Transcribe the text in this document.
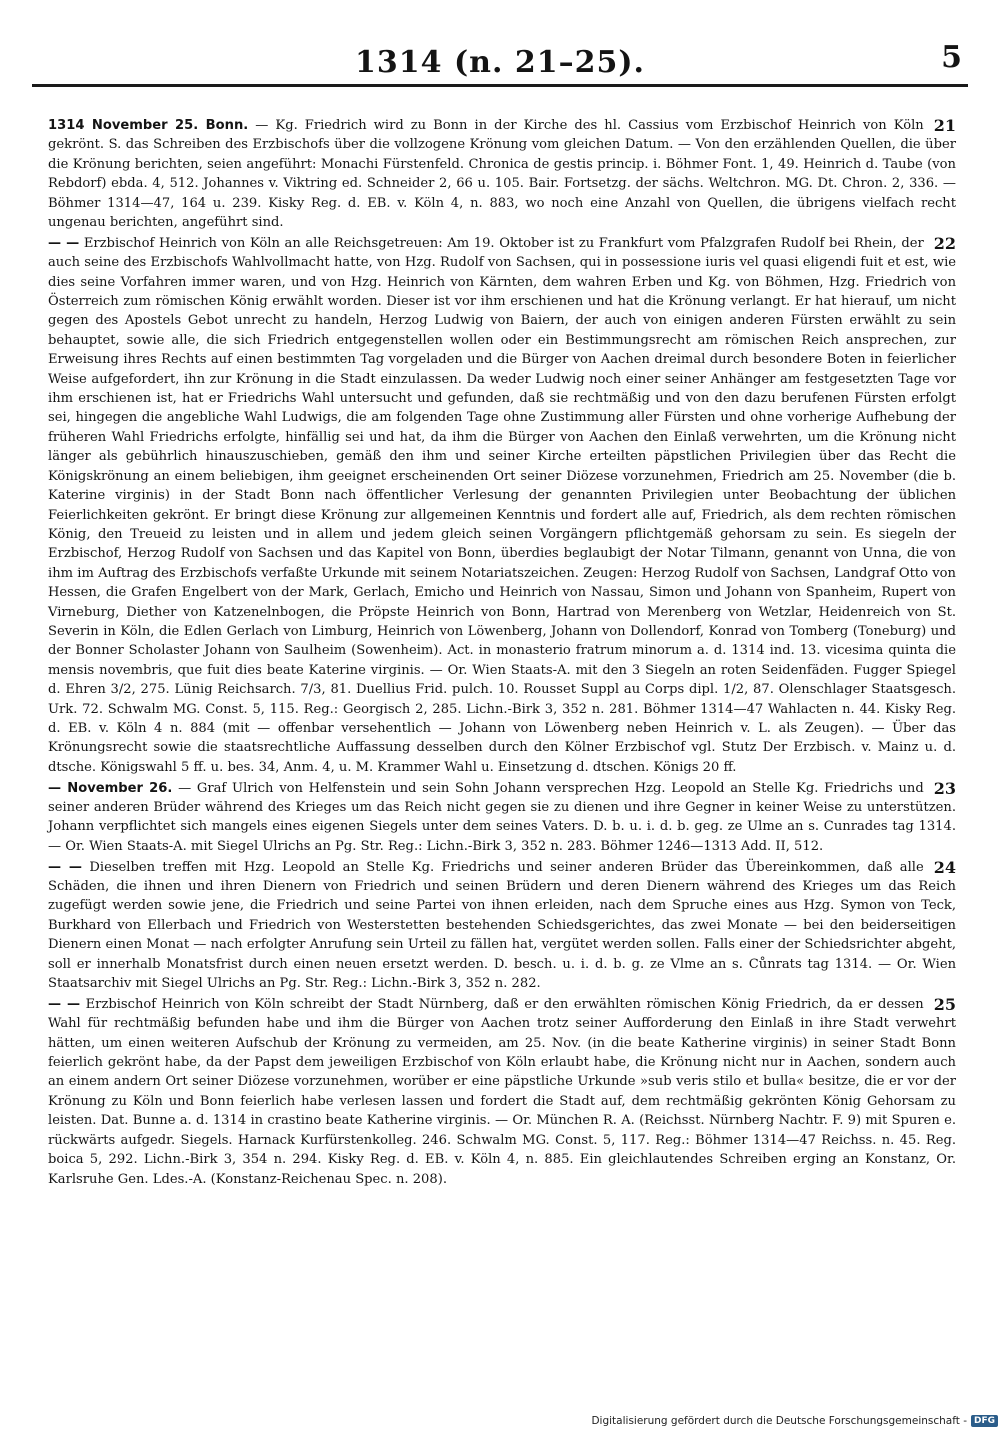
1314 (n. 21–25).	5
21

1314 November 25. Bonn. — Kg. Friedrich wird zu Bonn in der Kirche des hl. Cassius vom Erzbischof Heinrich von Köln gekrönt. S. das Schreiben des Erzbischofs über die vollzogene Krönung vom gleichen Datum. — Von den erzählenden Quellen, die über die Krönung berichten, seien angeführt: Monachi Fürstenfeld. Chronica de gestis princip. i. Böhmer Font. 1, 49. Heinrich d. Taube (von Rebdorf) ebda. 4, 512. Johannes v. Viktring ed. Schneider 2, 66 u. 105. Bair. Fortsetzg. der sächs. Weltchron. MG. Dt. Chron. 2, 336. — Böhmer 1314—47, 164 u. 239. Kisky Reg. d. EB. v. Köln 4, n. 883, wo noch eine Anzahl von Quellen, die übrigens vielfach recht ungenau berichten, angeführt sind.

22

— — Erzbischof Heinrich von Köln an alle Reichsgetreuen: Am 19. Oktober ist zu Frankfurt vom Pfalzgrafen Rudolf bei Rhein, der auch seine des Erzbischofs Wahlvollmacht hatte, von Hzg. Rudolf von Sachsen, qui in possessione iuris vel quasi eligendi fuit et est, wie dies seine Vorfahren immer waren, und von Hzg. Heinrich von Kärnten, dem wahren Erben und Kg. von Böhmen, Hzg. Friedrich von Österreich zum römischen König erwählt worden. Dieser ist vor ihm erschienen und hat die Krönung verlangt. Er hat hierauf, um nicht gegen des Apostels Gebot unrecht zu handeln, Herzog Ludwig von Baiern, der auch von einigen anderen Fürsten erwählt zu sein behauptet, sowie alle, die sich Friedrich entgegenstellen wollen oder ein Bestimmungsrecht am römischen Reich ansprechen, zur Erweisung ihres Rechts auf einen bestimmten Tag vorgeladen und die Bürger von Aachen dreimal durch besondere Boten in feierlicher Weise aufgefordert, ihn zur Krönung in die Stadt einzulassen. Da weder Ludwig noch einer seiner Anhänger am festgesetzten Tage vor ihm erschienen ist, hat er Friedrichs Wahl untersucht und gefunden, daß sie rechtmäßig und von den dazu berufenen Fürsten erfolgt sei, hingegen die angebliche Wahl Ludwigs, die am folgenden Tage ohne Zustimmung aller Fürsten und ohne vorherige Aufhebung der früheren Wahl Friedrichs erfolgte, hinfällig sei und hat, da ihm die Bürger von Aachen den Einlaß verwehrten, um die Krönung nicht länger als gebührlich hinauszuschieben, gemäß den ihm und seiner Kirche erteilten päpstlichen Privilegien über das Recht die Königskrönung an einem beliebigen, ihm geeignet erscheinenden Ort seiner Diözese vorzunehmen, Friedrich am 25. November (die b. Katerine virginis) in der Stadt Bonn nach öffentlicher Verlesung der genannten Privilegien unter Beobachtung der üblichen Feierlichkeiten gekrönt. Er bringt diese Krönung zur allgemeinen Kenntnis und fordert alle auf, Friedrich, als dem rechten römischen König, den Treueid zu leisten und in allem und jedem gleich seinen Vorgängern pflichtgemäß gehorsam zu sein. Es siegeln der Erzbischof, Herzog Rudolf von Sachsen und das Kapitel von Bonn, überdies beglaubigt der Notar Tilmann, genannt von Unna, die von ihm im Auftrag des Erzbischofs verfaßte Urkunde mit seinem Notariatszeichen. Zeugen: Herzog Rudolf von Sachsen, Landgraf Otto von Hessen, die Grafen Engelbert von der Mark, Gerlach, Emicho und Heinrich von Nassau, Simon und Johann von Spanheim, Rupert von Virneburg, Diether von Katzenelnbogen, die Pröpste Heinrich von Bonn, Hartrad von Merenberg von Wetzlar, Heidenreich von St. Severin in Köln, die Edlen Gerlach von Limburg, Heinrich von Löwenberg, Johann von Dollendorf, Konrad von Tomberg (Toneburg) und der Bonner Scholaster Johann von Saulheim (Sowenheim). Act. in monasterio fratrum minorum a. d. 1314 ind. 13. vicesima quinta die mensis novembris, que fuit dies beate Katerine virginis. — Or. Wien Staats-A. mit den 3 Siegeln an roten Seidenfäden. Fugger Spiegel d. Ehren 3/2, 275. Lünig Reichsarch. 7/3, 81. Duellius Frid. pulch. 10. Rousset Suppl au Corps dipl. 1/2, 87. Olenschlager Staatsgesch. Urk. 72. Schwalm MG. Const. 5, 115. Reg.: Georgisch 2, 285. Lichn.-Birk 3, 352 n. 281. Böhmer 1314—47 Wahlacten n. 44. Kisky Reg. d. EB. v. Köln 4 n. 884 (mit — offenbar versehentlich — Johann von Löwenberg neben Heinrich v. L. als Zeugen). — Über das Krönungsrecht sowie die staatsrechtliche Auffassung desselben durch den Kölner Erzbischof vgl. Stutz Der Erzbisch. v. Mainz u. d. dtsche. Königswahl 5 ff. u. bes. 34, Anm. 4, u. M. Krammer Wahl u. Einsetzung d. dtschen. Königs 20 ff.

23

— November 26. — Graf Ulrich von Helfenstein und sein Sohn Johann versprechen Hzg. Leopold an Stelle Kg. Friedrichs und seiner anderen Brüder während des Krieges um das Reich nicht gegen sie zu dienen und ihre Gegner in keiner Weise zu unterstützen. Johann verpflichtet sich mangels eines eigenen Siegels unter dem seines Vaters. D. b. u. i. d. b. geg. ze Ulme an s. Cunrades tag 1314. — Or. Wien Staats-A. mit Siegel Ulrichs an Pg. Str. Reg.: Lichn.-Birk 3, 352 n. 283. Böhmer 1246—1313 Add. II, 512.

24

— — Dieselben treffen mit Hzg. Leopold an Stelle Kg. Friedrichs und seiner anderen Brüder das Übereinkommen, daß alle Schäden, die ihnen und ihren Dienern von Friedrich und seinen Brüdern und deren Dienern während des Krieges um das Reich zugefügt werden sowie jene, die Friedrich und seine Partei von ihnen erleiden, nach dem Spruche eines aus Hzg. Symon von Teck, Burkhard von Ellerbach und Friedrich von Westerstetten bestehenden Schiedsgerichtes, das zwei Monate — bei den beiderseitigen Dienern einen Monat — nach erfolgter Anrufung sein Urteil zu fällen hat, vergütet werden sollen. Falls einer der Schiedsrichter abgeht, soll er innerhalb Monatsfrist durch einen neuen ersetzt werden. D. besch. u. i. d. b. g. ze Vlme an s. Cůnrats tag 1314. — Or. Wien Staatsarchiv mit Siegel Ulrichs an Pg. Str. Reg.: Lichn.-Birk 3, 352 n. 282.

25

— — Erzbischof Heinrich von Köln schreibt der Stadt Nürnberg, daß er den erwählten römischen König Friedrich, da er dessen Wahl für rechtmäßig befunden habe und ihm die Bürger von Aachen trotz seiner Aufforderung den Einlaß in ihre Stadt verwehrt hätten, um einen weiteren Aufschub der Krönung zu vermeiden, am 25. Nov. (in die beate Katherine virginis) in seiner Stadt Bonn feierlich gekrönt habe, da der Papst dem jeweiligen Erzbischof von Köln erlaubt habe, die Krönung nicht nur in Aachen, sondern auch an einem andern Ort seiner Diözese vorzunehmen, worüber er eine päpstliche Urkunde »sub veris stilo et bulla« besitze, die er vor der Krönung zu Köln und Bonn feierlich habe verlesen lassen und fordert die Stadt auf, dem rechtmäßig gekrönten König Gehorsam zu leisten. Dat. Bunne a. d. 1314 in crastino beate Katherine virginis. — Or. München R. A. (Reichsst. Nürnberg Nachtr. F. 9) mit Spuren e. rückwärts aufgedr. Siegels. Harnack Kurfürstenkolleg. 246. Schwalm MG. Const. 5, 117. Reg.: Böhmer 1314—47 Reichss. n. 45. Reg. boica 5, 292. Lichn.-Birk 3, 354 n. 294. Kisky Reg. d. EB. v. Köln 4, n. 885. Ein gleichlautendes Schreiben erging an Konstanz, Or. Karlsruhe Gen. Ldes.-A. (Konstanz-Reichenau Spec. n. 208).

Digitalisierung gefördert durch die Deutsche Forschungsgemeinschaft - DFG
